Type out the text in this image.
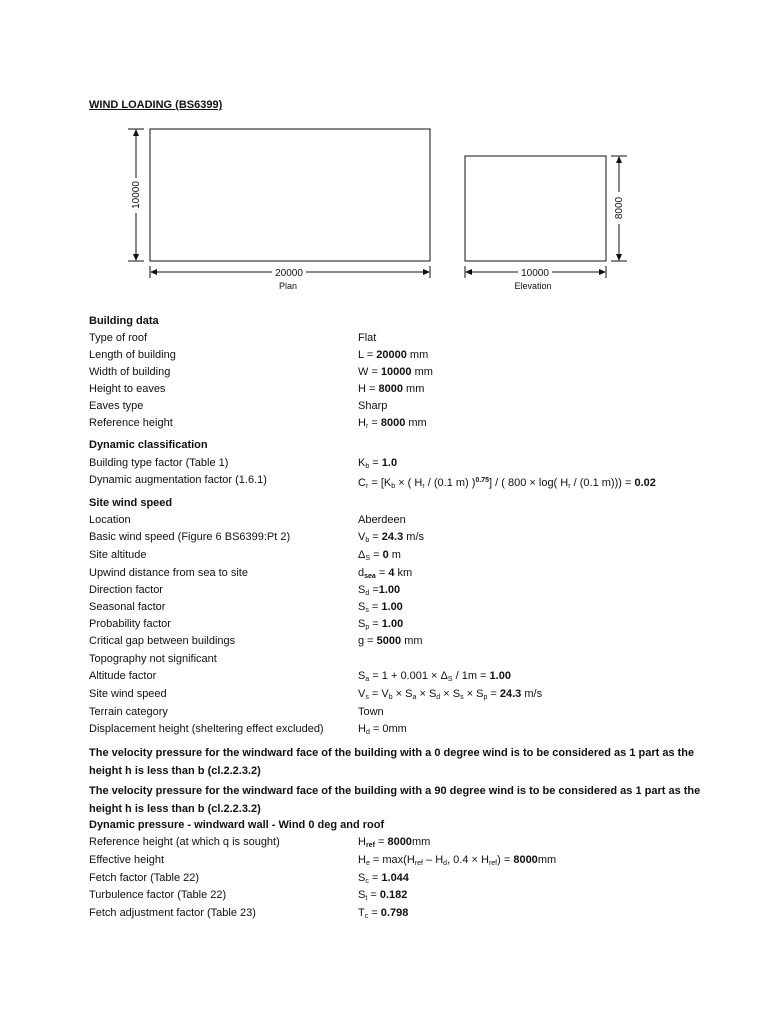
WIND LOADING (BS6399)
10000
20000
Plan
8000
10000
Elevation
Building data
Type of roof	Flat
Length of building	L = 20000 mm
Width of building	W = 10000 mm
Height to eaves	H = 8000 mm
Eaves type	Sharp
Reference height	$H_r = 8000$ mm
Dynamic classification
Building type factor (Table 1)	$K_b = 1.0$
Dynamic augmentation factor (1.6.1)	$C_r = [K_b$ × ( $H_r / (0.1$ m) )$^{0.75}$] / ( 800 × log( $H_r / (0.1$ m))) = 0.02
Site wind speed
Location	Aberdeen
Basic wind speed (Figure 6 BS6399:Pt 2)	$V_b = 24.3$ m/s
Site altitude	$\Delta_S = 0$ m
Upwind distance from sea to site	$d_{sea} = 4$ km
Direction factor	$S_d =1.00$
Seasonal factor	$S_s = 1.00$
Probability factor	$S_p = 1.00$
Critical gap between buildings	g = 5000 mm
Topography not significant
Altitude factor	$S_a = 1 + 0.001 \times \Delta_S / 1m = 1.00$
Site wind speed	$V_s = V_b \times S_a \times S_d \times S_s \times S_p = 24.3$ m/s
Terrain category	Town
Displacement height (sheltering effect excluded)	$H_d = 0mm$
The velocity pressure for the windward face of the building with a 0 degree wind is to be considered as 1 part as the height h is less than b (cl.2.2.3.2)
The velocity pressure for the windward face of the building with a 90 degree wind is to be considered as 1 part as the height h is less than b (cl.2.2.3.2)
Dynamic pressure - windward wall - Wind 0 deg and roof
Reference height (at which q is sought)	$H_{ref} = 8000mm$
Effective height	$H_e = \max(H_{ref} - H_d$, $0.4 \times H_{ref}) = 8000mm$
Fetch factor (Table 22)	$S_c = 1.044$
Turbulence factor (Table 22)	$S_t = 0.182$
Fetch adjustment factor (Table 23)	$T_c = 0.798$
